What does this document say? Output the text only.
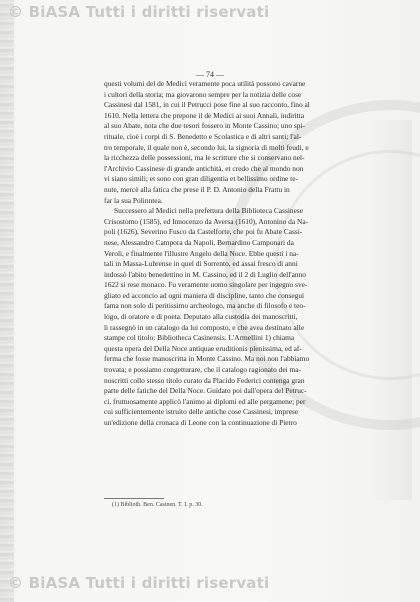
© BiASA Tutti i diritti riservati
— 74 —
questi volumi del de Medici veramente poca utilità possono cavarne
i cultori della storia; ma giovarono sempre per la notizia delle cose
Cassinesi dal 1581, in cui il Petrucci pose fine al suo racconto, fino al
1610. Nella lettera che prepone il de Medici ai suoi Annali, indiritta
al suo Abate, nota che due tesori fossero in Monte Cassino; uno spi-
rituale, cioè i corpi di S. Benedetto e Scolastica e di altri santi; l'al-
tro temporale, il quale non è, secondo lui, la signoria di molti feudi, e
la ricchezza delle possessioni, ma le scritture che si conservano nel-
l'Archivio Cassinese di grande antichità, et credo che al mondo non
vi siano simili; et sono con gran diligentia et bellissimo ordine te-
nute, mercè alla fatica che prese il P. D. Antonio della Frattu in
far la sua Polinntea.
Successero al Medici nella prefettura della Biblioteca Cassinese
Crisostomo (1585), ed Innocenzo da Aversa (1610), Antonino da Na-
poli (1626), Severino Fusco da Castelforte, che poi fu Abate Cassi-
nese, Alessandro Campora da Napoli, Bernardino Camponari da
Veroli, e finalmente l'illustre Angelo della Noce. Ebbe questi i na-
tali in Massa-Lubrense in quel di Sorrento, ed assai fresco di anni
indossò l'abito benedettino in M. Cassino, ed il 2 di Luglio dell'anno
1622 si rese monaco. Fu veramente uomo singolare per ingegno sve-
gliato ed acconcio ad ogni maniera di discipline, tanto che conseguì
fama non solo di peritissimo archeologo, ma anche di filosofo e teo-
logo, di oratore e di poeta. Deputato alla custodia dei manoscritti,
li rassegnò in un catalogo da lui composto, e che avea destinato alle
stampe col titolo: Bibliotheca Casinensis. L'Armellini 1) chiama
questa opera del Della Noce antiquae eruditionis plenissima, ed af-
ferma che fosse manoscritta in Monte Cassino. Ma noi non l'abbiamo
trovata; e possiamo congetturare, che il catalogo ragionato dei ma-
noscritti collo stesso titolo curato da Placido Federici contenga gran
parte delle fatiche del Della Noce. Guidato poi dall'opera del Petruc-
ci, fruttuosamente applicò l'animo ai diplomi ed alle pergamene; per
cui sufficientemente istruito delle antiche cose Cassinesi, imprese
un'edizione della cronaca di Leone con la continuazione di Pietro
(1) Biblioth. Ben. Casinen. T. I. p. 30.
© BiASA Tutti i diritti riservati
